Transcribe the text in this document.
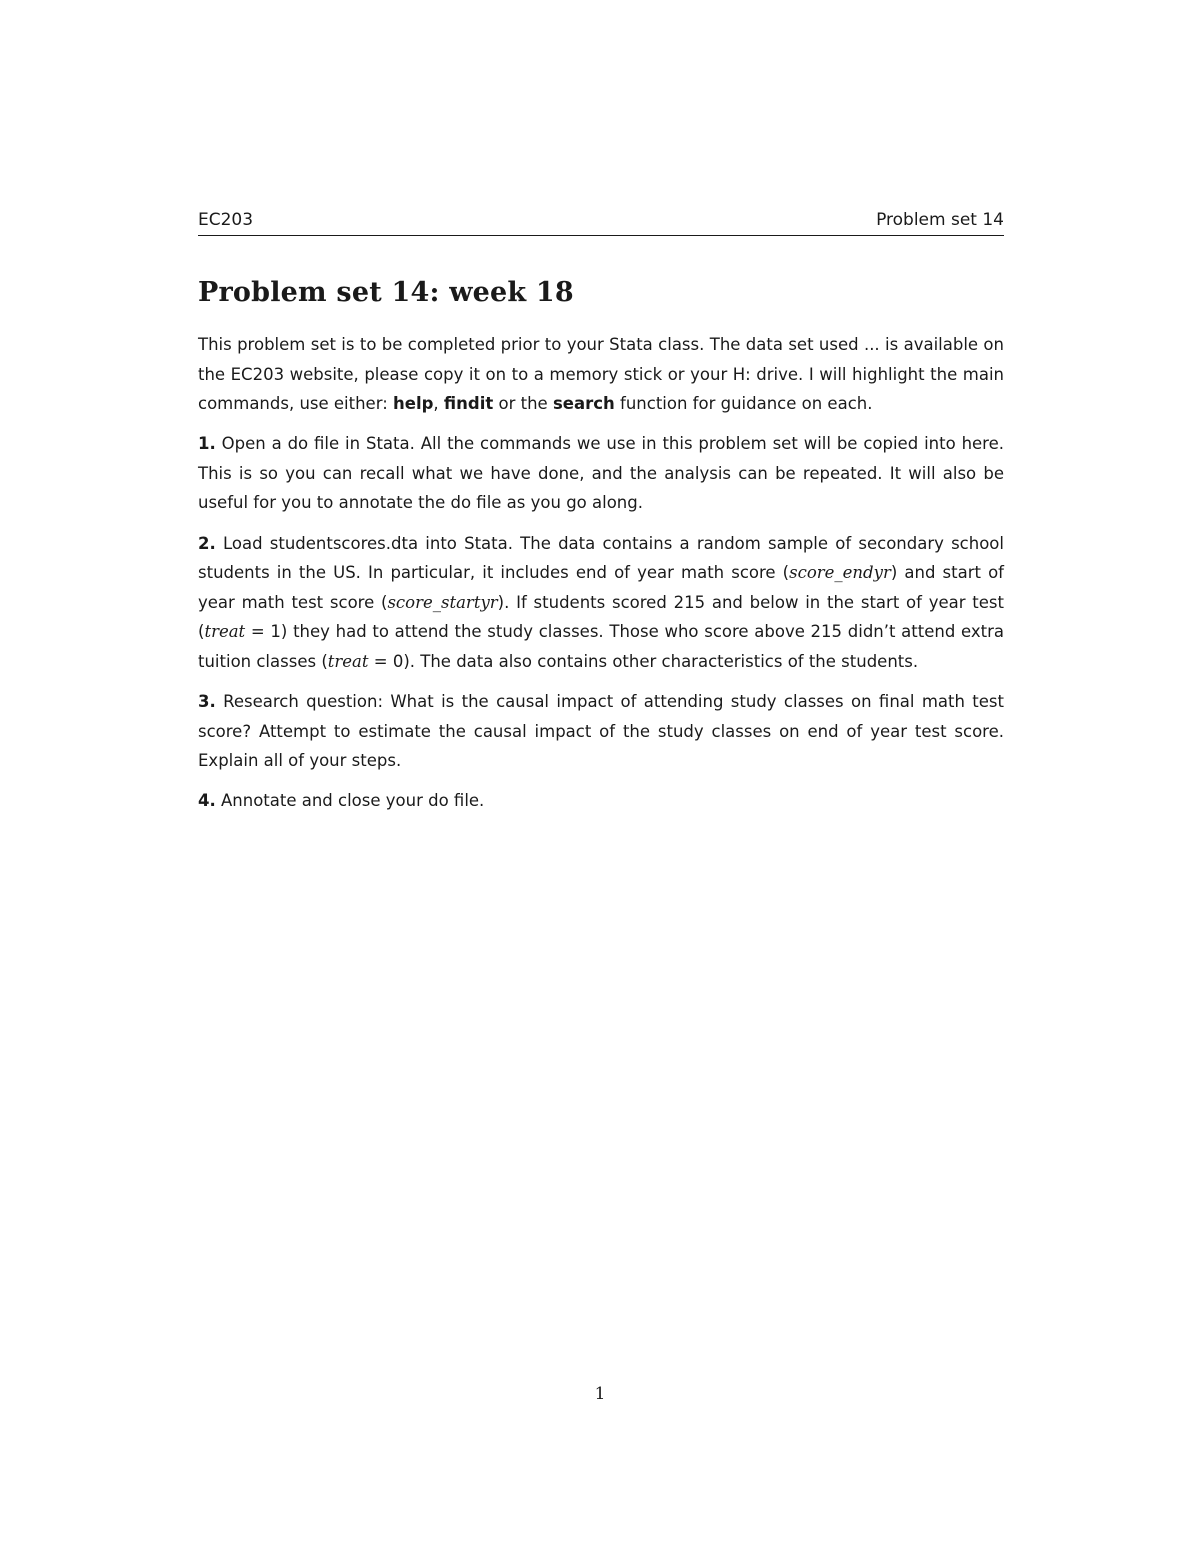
EC203	Problem set 14
Problem set 14: week 18

This problem set is to be completed prior to your Stata class. The data set used ... is available on the EC203 website, please copy it on to a memory stick or your H: drive. I will highlight the main commands, use either: help, findit or the search function for guidance on each.

1. Open a do file in Stata. All the commands we use in this problem set will be copied into here. This is so you can recall what we have done, and the analysis can be repeated. It will also be useful for you to annotate the do file as you go along.

2. Load studentscores.dta into Stata. The data contains a random sample of secondary school students in the US. In particular, it includes end of year math score (score_endyr) and start of year math test score (score_startyr). If students scored 215 and below in the start of year test (treat = 1) they had to attend the study classes. Those who score above 215 didn’t attend extra tuition classes (treat = 0). The data also contains other characteristics of the students.

3. Research question: What is the causal impact of attending study classes on final math test score? Attempt to estimate the causal impact of the study classes on end of year test score. Explain all of your steps.

4. Annotate and close your do file.

1
